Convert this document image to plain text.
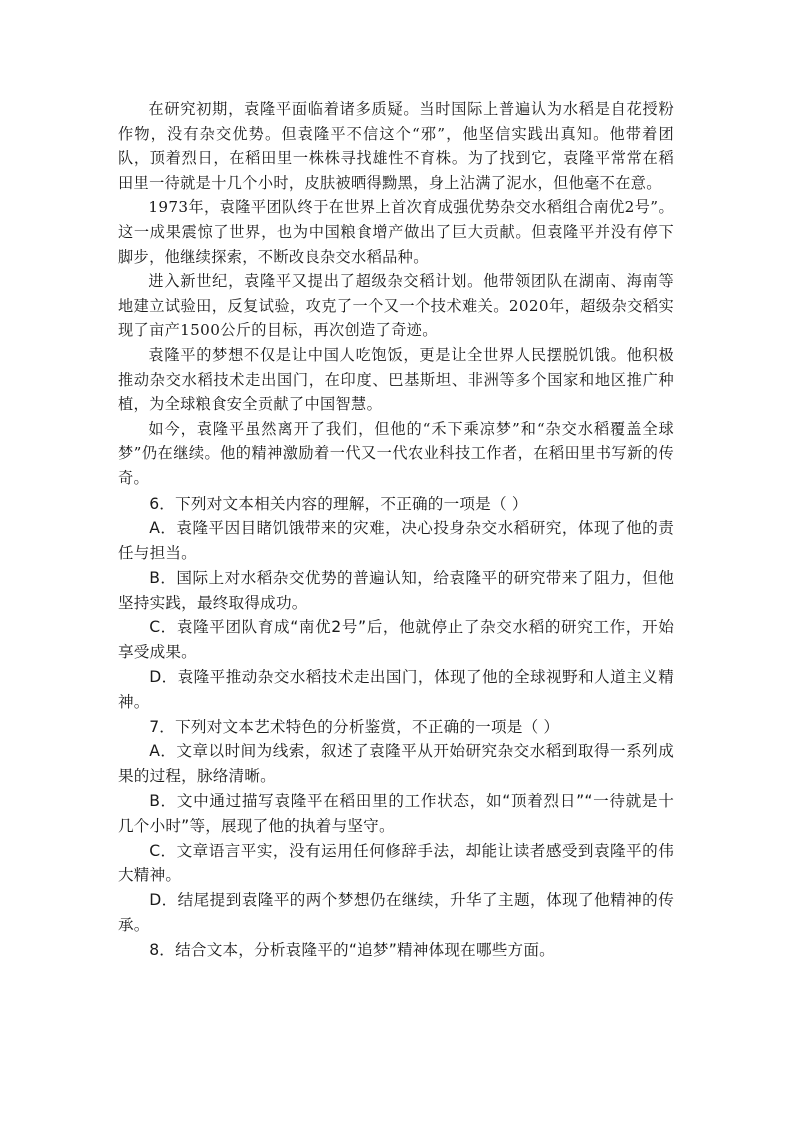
在研究初期，袁隆平面临着诸多质疑。当时国际上普遍认为水稻是自花授粉作物，没有杂交优势。但袁隆平不信这个“邪”，他坚信实践出真知。他带着团队，顶着烈日，在稻田里一株株寻找雄性不育株。为了找到它，袁隆平常常在稻田里一待就是十几个小时，皮肤被晒得黝黑，身上沾满了泥水，但他毫不在意。

1973年，袁隆平团队终于在世界上首次育成强优势杂交水稻组合南优2号”。这一成果震惊了世界，也为中国粮食增产做出了巨大贡献。但袁隆平并没有停下脚步，他继续探索，不断改良杂交水稻品种。

进入新世纪，袁隆平又提出了超级杂交稻计划。他带领团队在湖南、海南等地建立试验田，反复试验，攻克了一个又一个技术难关。2020年，超级杂交稻实现了亩产1500公斤的目标，再次创造了奇迹。

袁隆平的梦想不仅是让中国人吃饱饭，更是让全世界人民摆脱饥饿。他积极推动杂交水稻技术走出国门，在印度、巴基斯坦、非洲等多个国家和地区推广种植，为全球粮食安全贡献了中国智慧。

如今，袁隆平虽然离开了我们，但他的“禾下乘凉梦”和“杂交水稻覆盖全球梦”仍在继续。他的精神激励着一代又一代农业科技工作者，在稻田里书写新的传奇。

6．下列对文本相关内容的理解，不正确的一项是（ ）

A．袁隆平因目睹饥饿带来的灾难，决心投身杂交水稻研究，体现了他的责任与担当。

B．国际上对水稻杂交优势的普遍认知，给袁隆平的研究带来了阻力，但他坚持实践，最终取得成功。

C．袁隆平团队育成“南优2号”后，他就停止了杂交水稻的研究工作，开始享受成果。

D．袁隆平推动杂交水稻技术走出国门，体现了他的全球视野和人道主义精神。

7．下列对文本艺术特色的分析鉴赏，不正确的一项是（ ）

A．文章以时间为线索，叙述了袁隆平从开始研究杂交水稻到取得一系列成果的过程，脉络清晰。

B．文中通过描写袁隆平在稻田里的工作状态，如“顶着烈日”“一待就是十几个小时”等，展现了他的执着与坚守。

C．文章语言平实，没有运用任何修辞手法，却能让读者感受到袁隆平的伟大精神。

D．结尾提到袁隆平的两个梦想仍在继续，升华了主题，体现了他精神的传承。

8．结合文本，分析袁隆平的“追梦”精神体现在哪些方面。
